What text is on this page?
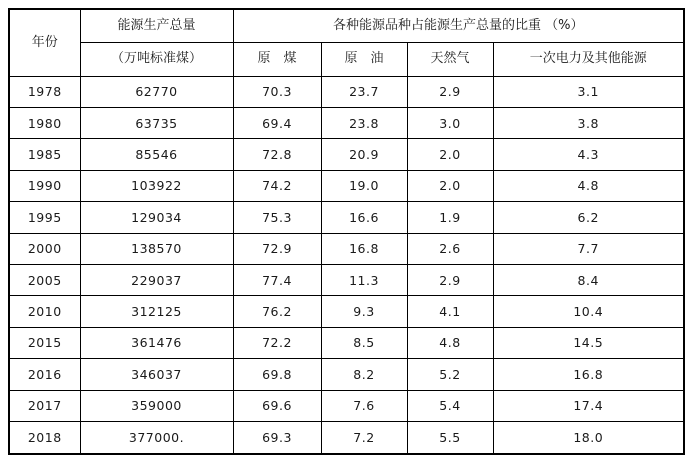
年份	能源生产总量	各种能源品种占能源生产总量的比重 （%）			
	（万吨标准煤）	原　煤	原　油	天然气	一次电力及其他能源
1978	62770	70.3	23.7	2.9	3.1
1980	63735	69.4	23.8	3.0	3.8
1985	85546	72.8	20.9	2.0	4.3
1990	103922	74.2	19.0	2.0	4.8
1995	129034	75.3	16.6	1.9	6.2
2000	138570	72.9	16.8	2.6	7.7
2005	229037	77.4	11.3	2.9	8.4
2010	312125	76.2	9.3	4.1	10.4
2015	361476	72.2	8.5	4.8	14.5
2016	346037	69.8	8.2	5.2	16.8
2017	359000	69.6	7.6	5.4	17.4
2018	377000.	69.3	7.2	5.5	18.0
